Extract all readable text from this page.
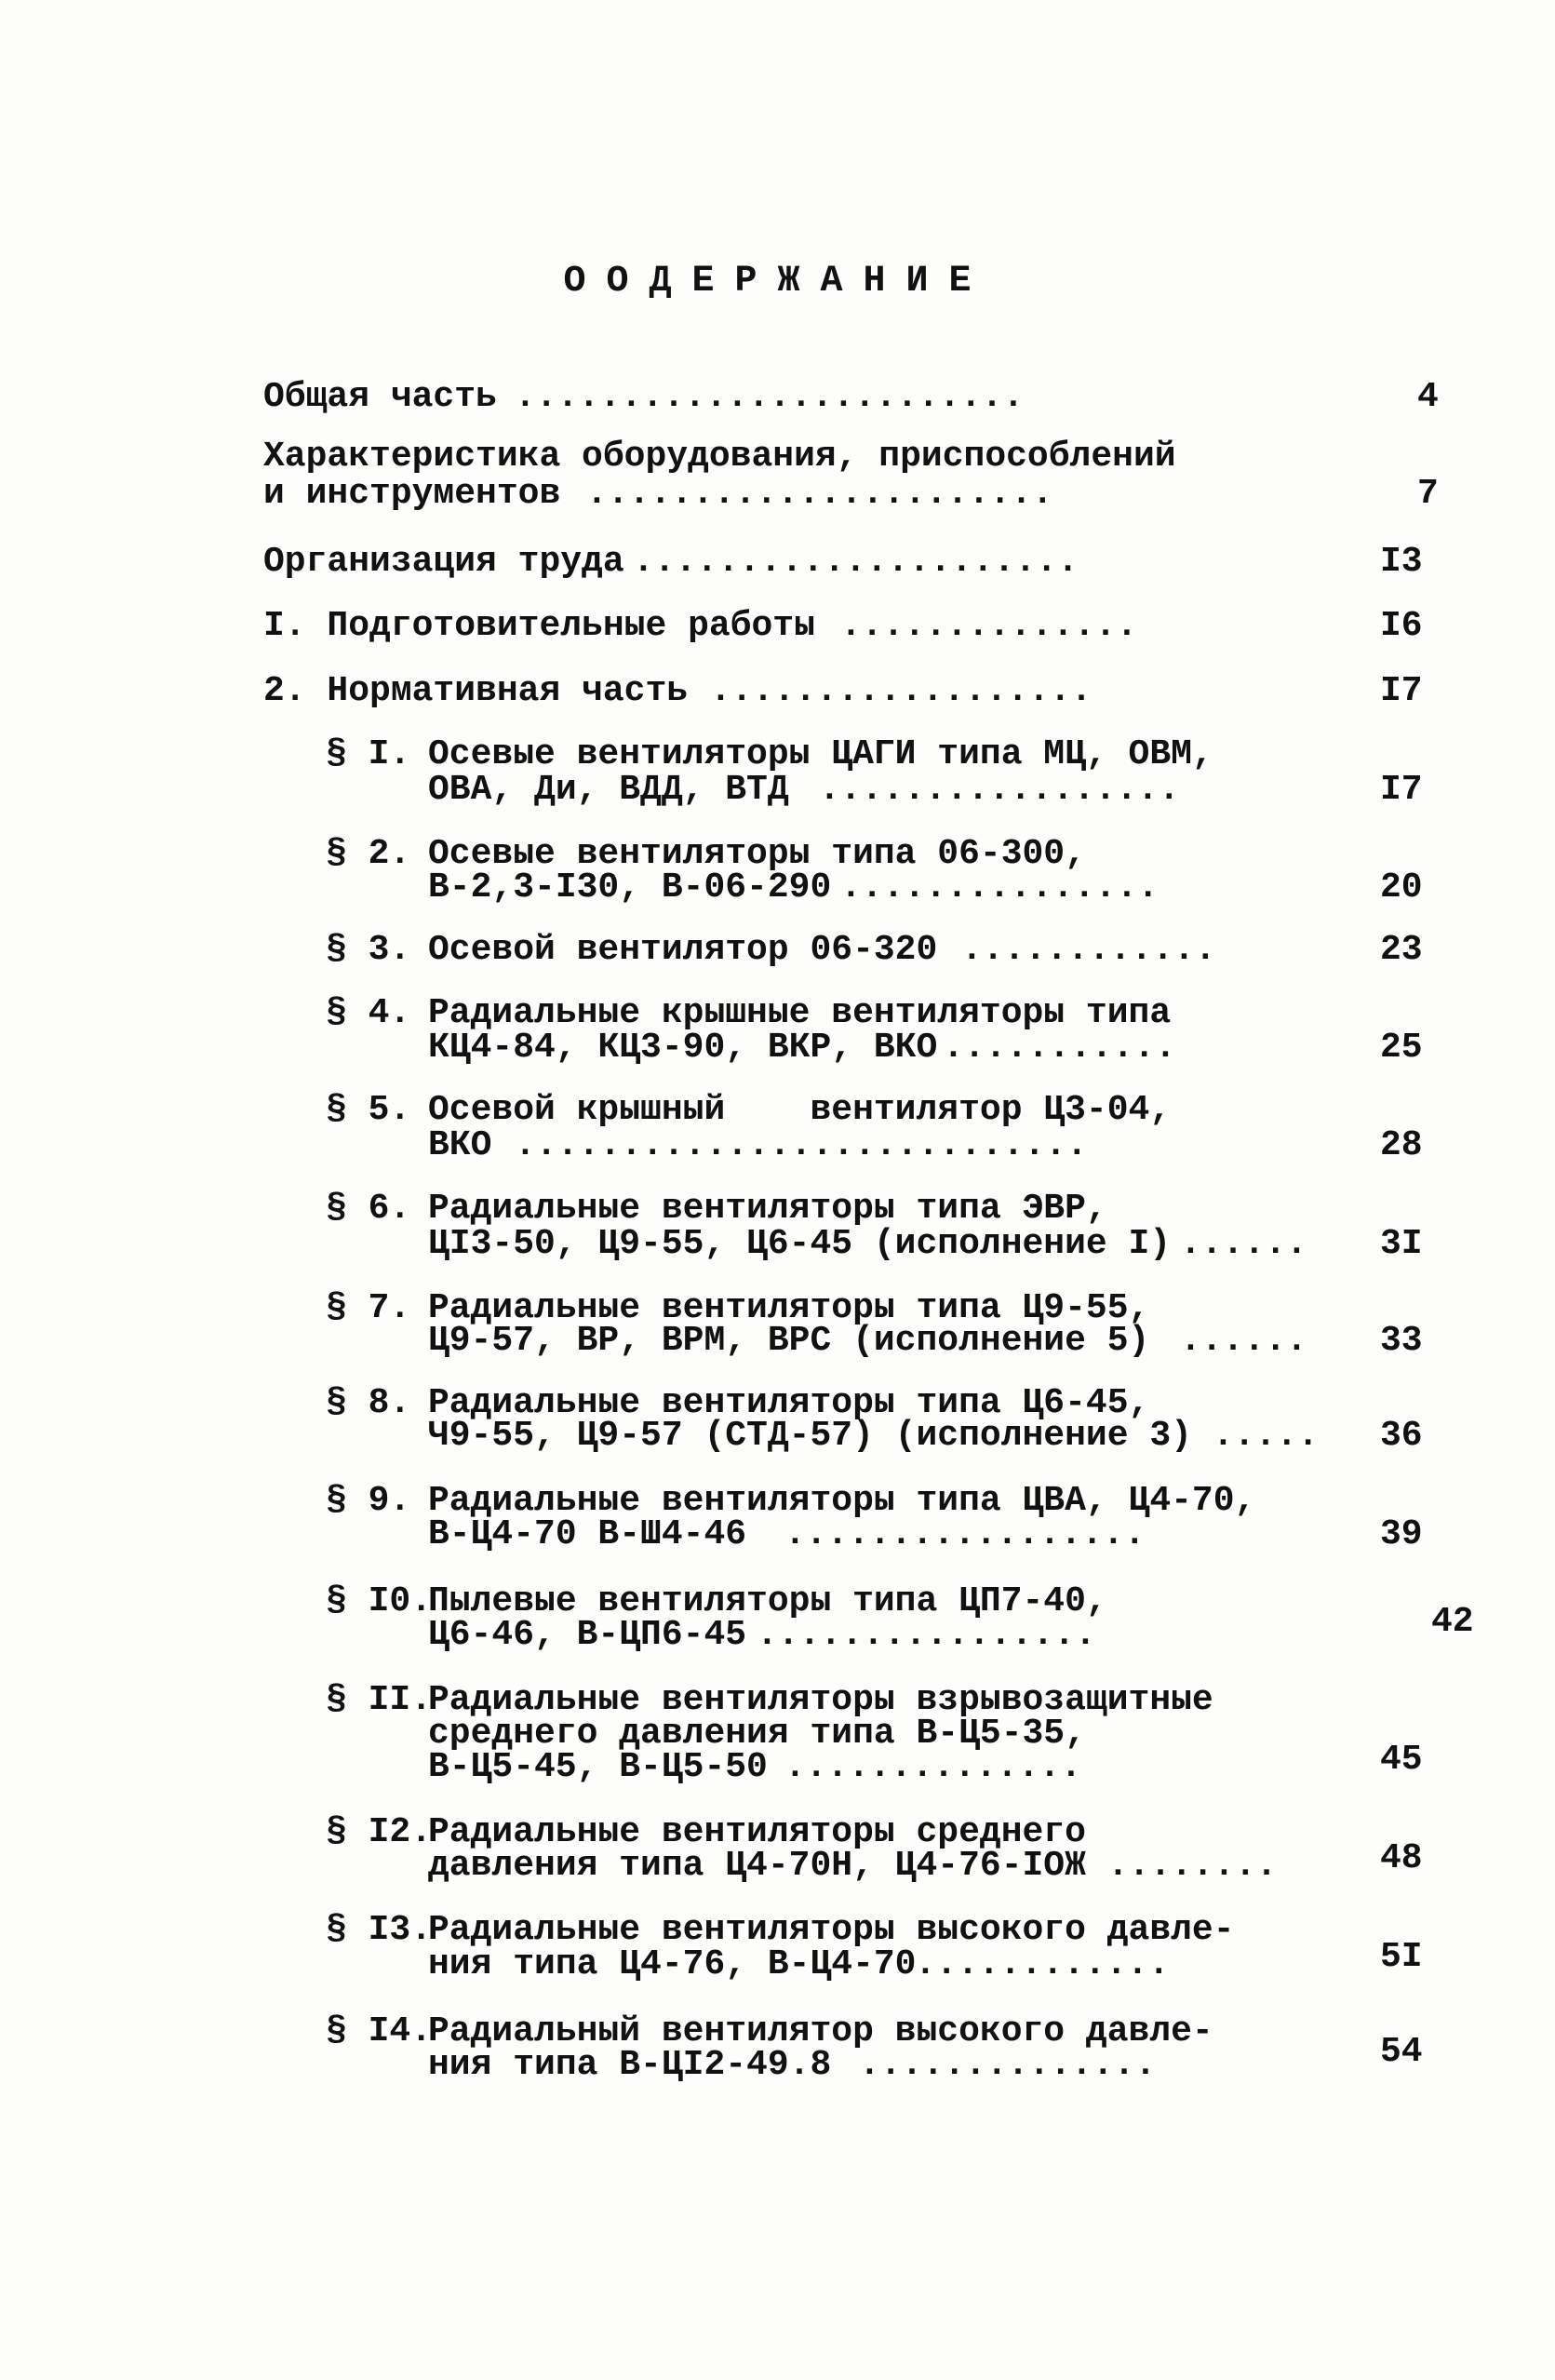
ООДЕРЖАНИЕ
Общая часть ........................	4
Характеристика оборудования, приспособлений
и инструментов ......................	7
Организация труда .....................	I3
I. Подготовительные работы ..............	I6
2. Нормативная часть ..................	I7
§ I. Осевые вентиляторы ЦАГИ типа МЦ, ОВМ,
ОВА, Ди, ВДД, ВТД .................	I7
§ 2. Осевые вентиляторы типа 06-300,
В-2,3-I30, В-06-290 ...............	20
§ 3. Осевой вентилятор 06-320 ............	23
§ 4. Радиальные крышные вентиляторы типа
КЦ4-84, КЦ3-90, ВКР, ВКО ...........	25
§ 5. Осевой крышный    вентилятор Ц3-04,
ВКО ...........................	28
§ 6. Радиальные вентиляторы типа ЭВР,
ЦI3-50, Ц9-55, Ц6-45 (исполнение I) ......	3I
§ 7. Радиальные вентиляторы типа Ц9-55,
Ц9-57, ВР, ВРМ, ВРС (исполнение 5) ......	33
§ 8. Радиальные вентиляторы типа Ц6-45,
Ч9-55, Ц9-57 (СТД-57) (исполнение 3) .....	36
§ 9. Радиальные вентиляторы типа ЦВА, Ц4-70,
В-Ц4-70 В-Ш4-46 .................	39
§ I0.
Пылевые вентиляторы типа ЦП7-40,
Ц6-46, В-ЦП6-45 ................	42
§ II.
Радиальные вентиляторы взрывозащитные
среднего давления типа В-Ц5-35,
В-Ц5-45, В-Ц5-50 ..............	45
§ I2.
Радиальные вентиляторы среднего
давления типа Ц4-70Н, Ц4-76-IОЖ ........	48
§ I3.
Радиальные вентиляторы высокого давле-
ния типа Ц4-76, В-Ц4-70
............	5I
§ I4.
Радиальный вентилятор высокого давле-
ния типа В-ЦI2-49.8 ..............	54
